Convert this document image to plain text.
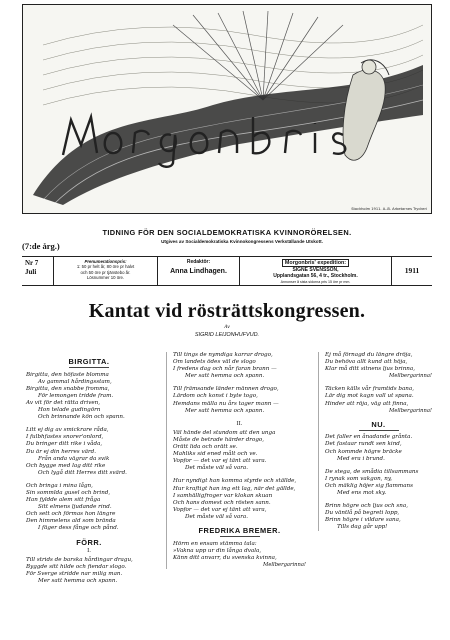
Stockholm 1911. A.-B. Arbetarnes Tryckeri
TIDNING FÖR DEN SOCIALDEMOKRATISKA KVINNORÖRELSEN.
(7:de årg.)	Utgives av Socialdemokratiska Kvinnokongressens Verkställande Utskott.
Nr 7
Juli
Prenumerationspris:
1: 50 pr helt år, 80 öre pr halvt
och 50 öre pr tjänstebo år.
Lösnummer 10 öre.
Redaktör:
Anna Lindhagen.
Morgonbris' expedition:
SIGNE SVENSSON,
Upplandsgatan 56, 4 tr., Stockholm.
Annonser å sista sidorna pris 15 öre pr mm.
1911
Kantat vid rösträttskongressen.
Av
SIGRID LEIJONHUFVUD.
BIRGITTA.
Birgitta, den höfaste blomma
Av gammal hårdingsstam,
Birgitta, den snabbe fromma,
För lemongen tridde fram.
Av vit för det rätta driven,
Hon telade gudingörn
Och brinnande kön och spann.
Litt ej dig av smickrare råda,
I fulbhfastes snorer'onlord,
Du bringer ditt rike i våda,
Du är ej din herres värd.
Från anda vägrar da svik
Och bygge med lag ditt rike
Och lygå ditt Herres ditt svärd.
Och bringa i mina lågn,
Sin sommlda gusel och brind,
Han fyldde alem sitt fråga
Sitt elmens ljudande rind.
Och sett och förmas hon längre
Den himmelens ald som brända
I fäger dess fånge och pånd.
FÖRR.
I.
Till strids de barska hårdingar dragu,
Byggde sitt hilde och fiendar slogo.
För Sverge stridde nar milig man.
Mer satt hemma och spann.
Till tings de nymdiga karrar drogo,
Om landets ödes väl de slogo
I fredens dag och når faran brann —
Mer satt hemma och spann.
Till främsande länder männen drogo,
Lärdom och konst i byte togo,
Hemdans mälla nu års tager mann —
Mer satt hemma och spann.
II.
Väl hände del stundom att den unga
Måste de betrade härder drogo,
Orätt lida och orätt se.
Mahliks sid ened målt och ve.
Vopfor — det var ej tänt att vara.
Det måste väl så vara.
Hur nyndigt han komma styrde och ställde,
Hur kraftigt han ing ett lag, när det gällde,
I samhälligfroger var klokan skuan
Och hans domest och rösten sann.
Vopfor — det var ej tänt att vara,
Det måste väl så vara.
FREDRIKA BREMER.
Hörm en ensam stämma tala:
»Vakna upp ur din långa dvala,
Känn ditt anvarr, du svenska kvinna,
Mellbergarinna!
Ej må förnagd du längre dröja,
Du behöva allt kund att höja,
Klar må ditt sitnens ljus brinna,
Mellbergarinna!
Täcken källs vår framtids bana,
Lär dig mot kagn vall ut spana.
Hinder att röja, väg att finna,
Mellbergarinna!
NU.
Det faller en ånadande grånta.
Det fastaar rundt sen kind,
Och kommde högre bräcke
Med era i brund.
De stega, de smådia tillsammans
I rynak som vakgon, ny,
Och mäklig höjer sig flammans
Med ens mot sky.
Brinn högre och ljus och sna,
Du väntlå på begreti lopp,
Brinn högre i vildare sana,
Tills dag går upp!
